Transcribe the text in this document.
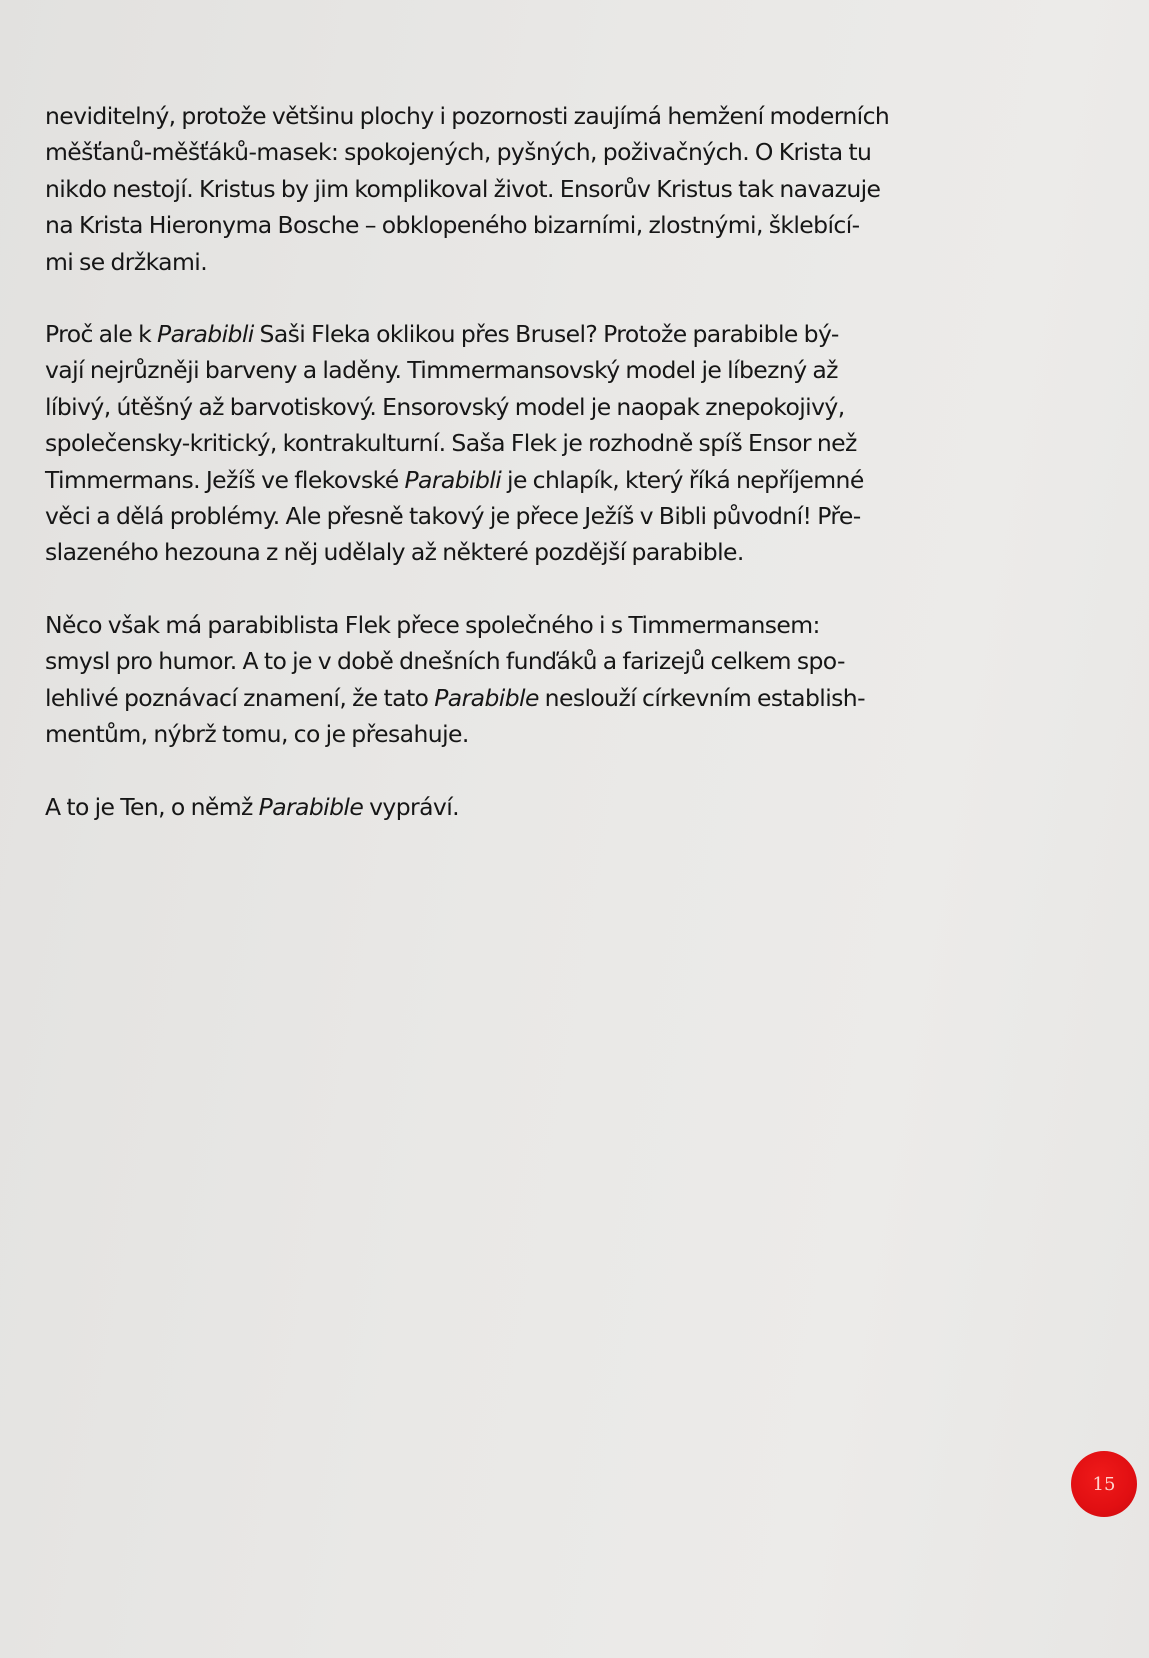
neviditelný, protože většinu plochy i pozornosti zaujímá hemžení moderních
měšťanů-měšťáků-masek: spokojených, pyšných, poživačných. O Krista tu
nikdo nestojí. Kristus by jim komplikoval život. Ensorův Kristus tak navazuje
na Krista Hieronyma Bosche – obklopeného bizarními, zlostnými, šklebící-
mi se držkami.

Proč ale k Parabibli Saši Fleka oklikou přes Brusel? Protože parabible bý-
vají nejrůzněji barveny a laděny. Timmermansovský model je líbezný až
líbivý, útěšný až barvotiskový. Ensorovský model je naopak znepokojivý,
společensky-kritický, kontrakulturní. Saša Flek je rozhodně spíš Ensor než
Timmermans. Ježíš ve flekovské Parabibli je chlapík, který říká nepříjemné
věci a dělá problémy. Ale přesně takový je přece Ježíš v Bibli původní! Pře-
slazeného hezouna z něj udělaly až některé pozdější parabible.

Něco však má parabiblista Flek přece společného i s Timmermansem:
smysl pro humor. A to je v době dnešních funďáků a farizejů celkem spo-
lehlivé poznávací znamení, že tato Parabible neslouží církevním establish-
mentům, nýbrž tomu, co je přesahuje.

A to je Ten, o němž Parabible vypráví.

15
